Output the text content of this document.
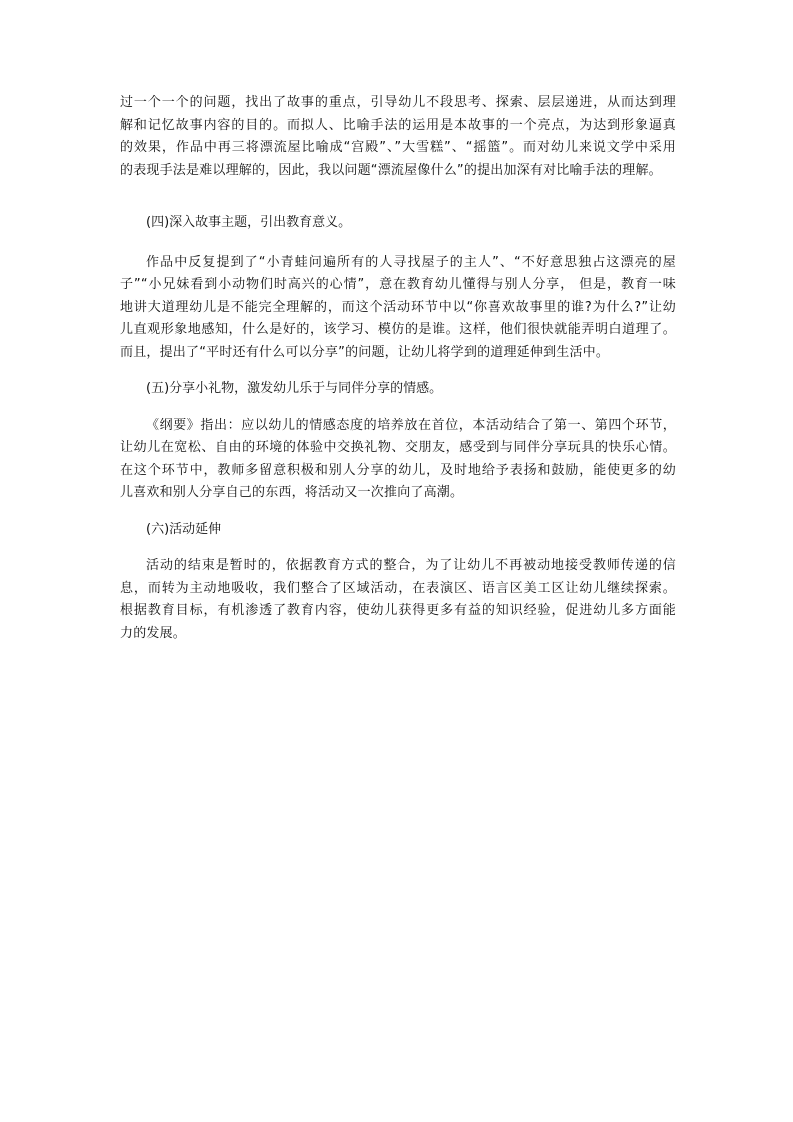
过一个一个的问题，找出了故事的重点，引导幼儿不段思考、探索、层层递进，从而达到理
解和记忆故事内容的目的。而拟人、比喻手法的运用是本故事的一个亮点，为达到形象逼真
的效果，作品中再三将漂流屋比喻成“宫殿”、”大雪糕”、“摇篮”。而对幼儿来说文学中采用
的表现手法是难以理解的，因此，我以问题“漂流屋像什么”的提出加深有对比喻手法的理解。

(四)深入故事主题，引出教育意义。

作品中反复提到了“小青蛙问遍所有的人寻找屋子的主人”、“不好意思独占这漂亮的屋
子”“小兄妹看到小动物们时高兴的心情”，意在教育幼儿懂得与别人分享， 但是，教育一味
地讲大道理幼儿是不能完全理解的，而这个活动环节中以“你喜欢故事里的谁?为什么?”让幼
儿直观形象地感知，什么是好的，该学习、模仿的是谁。这样，他们很快就能弄明白道理了。
而且，提出了“平时还有什么可以分享”的问题，让幼儿将学到的道理延伸到生活中。

(五)分享小礼物，激发幼儿乐于与同伴分享的情感。

《纲要》指出：应以幼儿的情感态度的培养放在首位，本活动结合了第一、第四个环节，
让幼儿在宽松、自由的环境的体验中交换礼物、交朋友，感受到与同伴分享玩具的快乐心情。
在这个环节中，教师多留意积极和别人分享的幼儿，及时地给予表扬和鼓励，能使更多的幼
儿喜欢和别人分享自己的东西，将活动又一次推向了高潮。

(六)活动延伸

活动的结束是暂时的，依据教育方式的整合，为了让幼儿不再被动地接受教师传递的信
息，而转为主动地吸收，我们整合了区域活动，在表演区、语言区美工区让幼儿继续探索。
根据教育目标，有机渗透了教育内容，使幼儿获得更多有益的知识经验，促进幼儿多方面能
力的发展。
